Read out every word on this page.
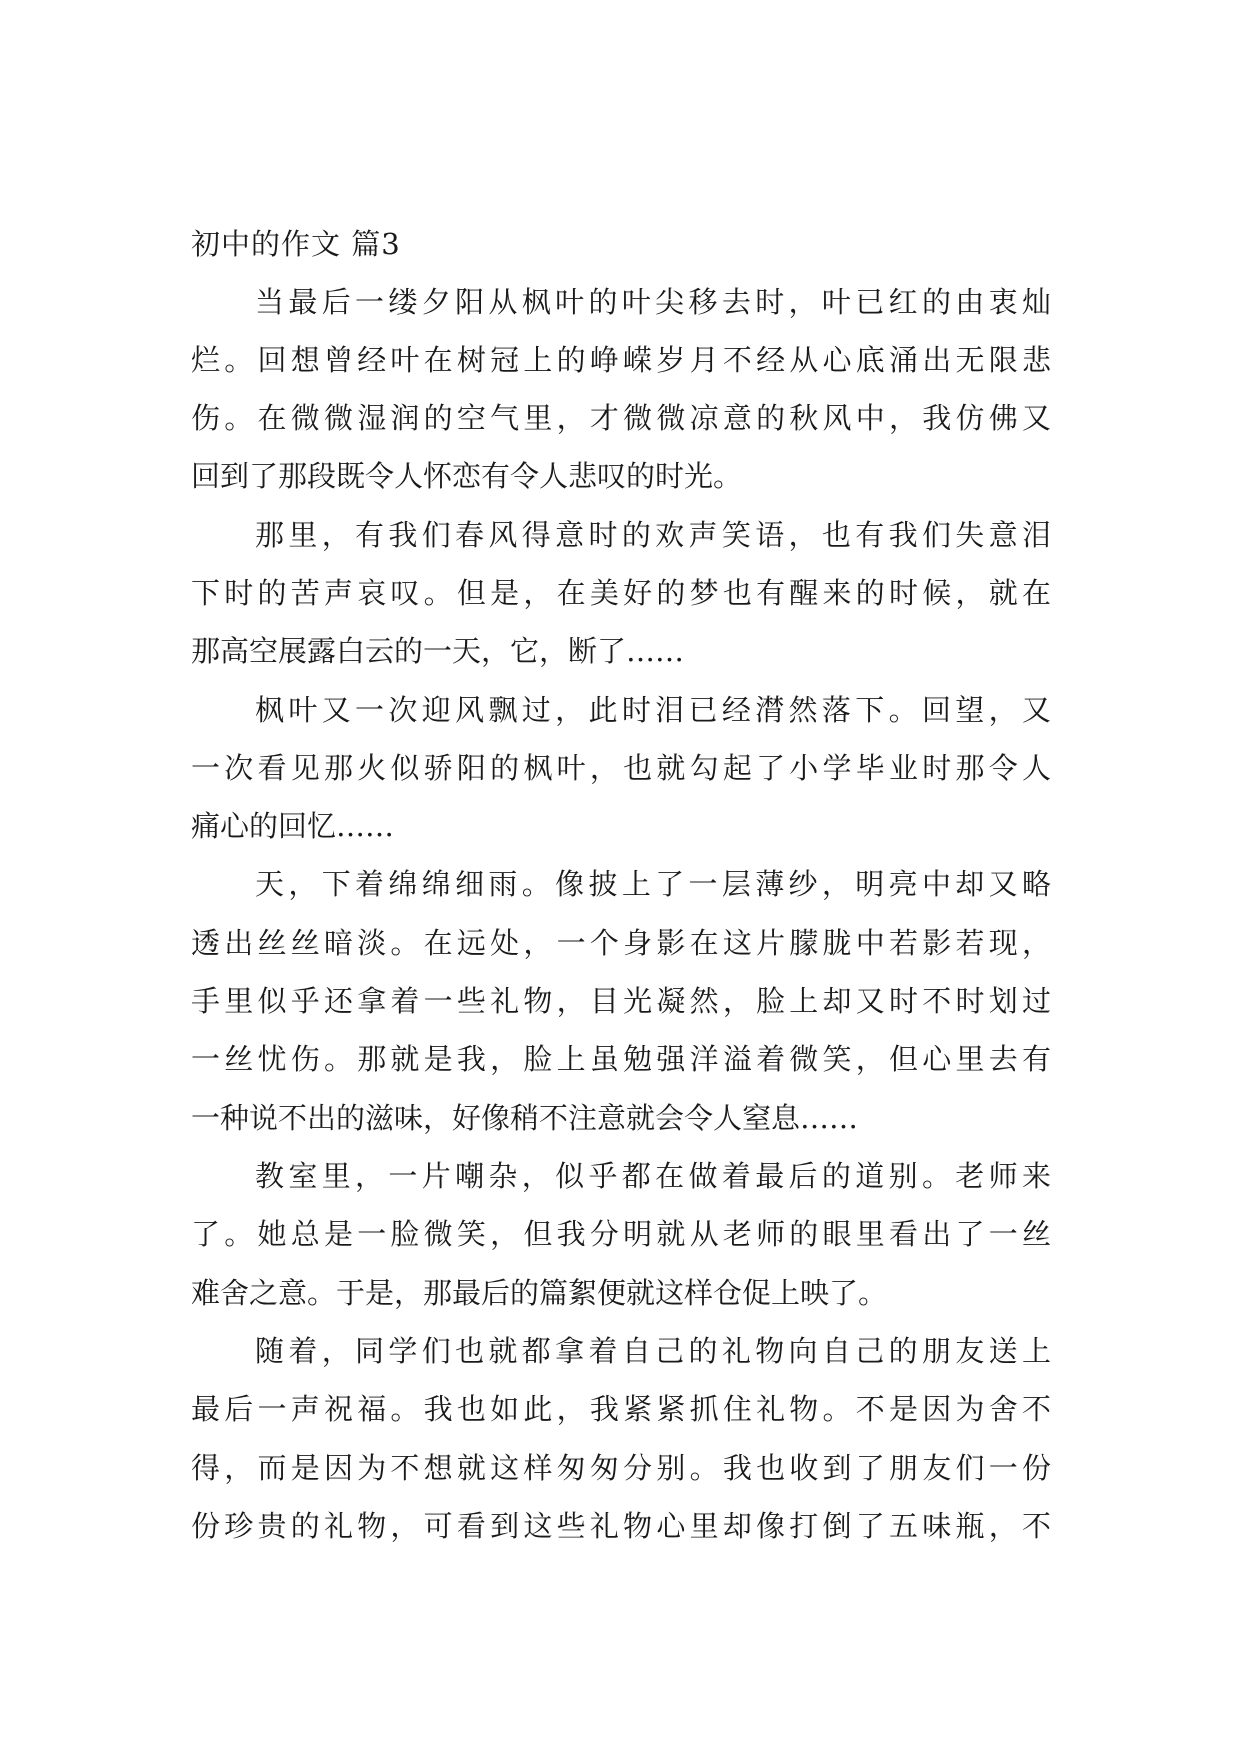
初中的作文 篇3
当最后一缕夕阳从枫叶的叶尖移去时，叶已红的由衷灿
烂。回想曾经叶在树冠上的峥嵘岁月不经从心底涌出无限悲
伤。在微微湿润的空气里，才微微凉意的秋风中，我仿佛又
回到了那段既令人怀恋有令人悲叹的时光。
那里，有我们春风得意时的欢声笑语，也有我们失意泪
下时的苦声哀叹。但是，在美好的梦也有醒来的时候，就在
那高空展露白云的一天，它，断了……
枫叶又一次迎风飘过，此时泪已经潸然落下。回望，又
一次看见那火似骄阳的枫叶，也就勾起了小学毕业时那令人
痛心的回忆……
天，下着绵绵细雨。像披上了一层薄纱，明亮中却又略
透出丝丝暗淡。在远处，一个身影在这片朦胧中若影若现，
手里似乎还拿着一些礼物，目光凝然，脸上却又时不时划过
一丝忧伤。那就是我，脸上虽勉强洋溢着微笑，但心里去有
一种说不出的滋味，好像稍不注意就会令人窒息……
教室里，一片嘲杂，似乎都在做着最后的道别。老师来
了。她总是一脸微笑，但我分明就从老师的眼里看出了一丝
难舍之意。于是，那最后的篇絮便就这样仓促上映了。
随着，同学们也就都拿着自己的礼物向自己的朋友送上
最后一声祝福。我也如此，我紧紧抓住礼物。不是因为舍不
得，而是因为不想就这样匆匆分别。我也收到了朋友们一份
份珍贵的礼物，可看到这些礼物心里却像打倒了五味瓶，不
